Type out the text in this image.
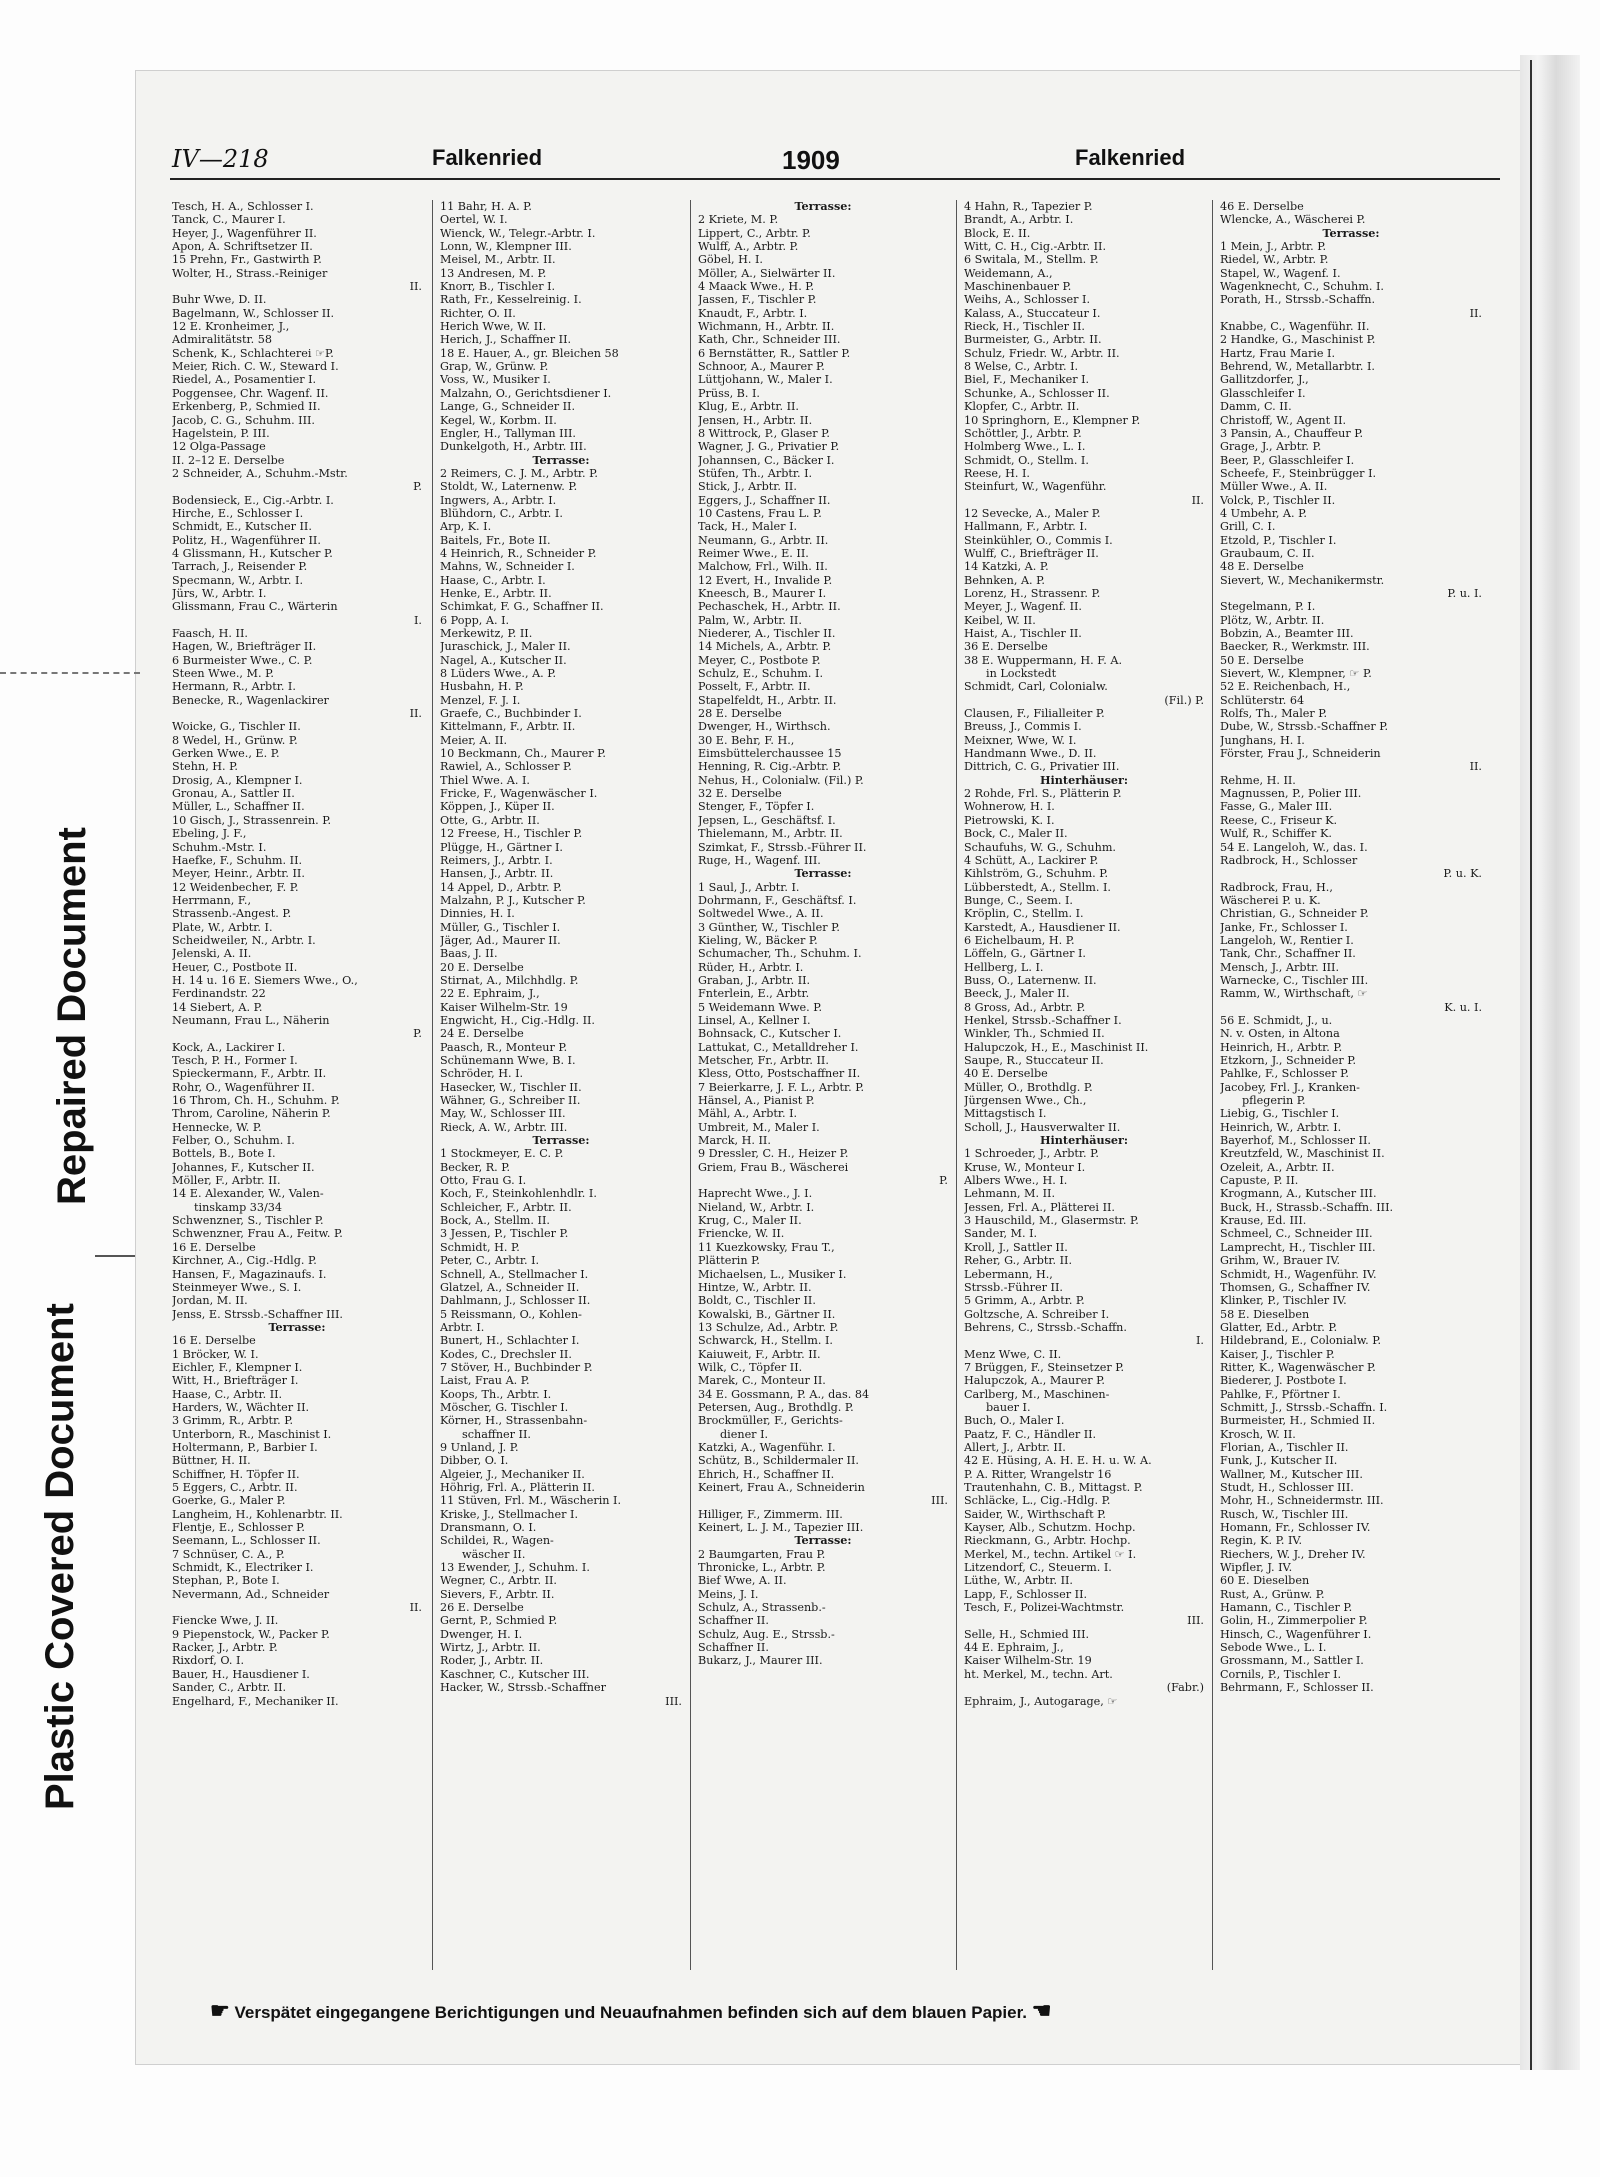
Repaired Document
Plastic Covered Document
IV—218	Falkenried	1909	Falkenried
Tesch, H. A., Schlosser I.
Tanck, C., Maurer I.
Heyer, J., Wagenführer II.
Apon, A. Schriftsetzer II.
15 Prehn, Fr., Gastwirth P.
Wolter, H., Strass.-Reiniger
II.
Buhr Wwe, D. II.
Bagelmann, W., Schlosser II.
12 E. Kronheimer, J.,
Admiralitätstr. 58
Schenk, K., Schlachterei ☞P.
Meier, Rich. C. W., Steward I.
Riedel, A., Posamentier I.
Poggensee, Chr. Wagenf. II.
Erkenberg, P., Schmied II.
Jacob, C. G., Schuhm. III.
Hagelstein, P. III.
12 Olga-Passage
II. 2–12 E. Derselbe
2 Schneider, A., Schuhm.-Mstr.
P.
Bodensieck, E., Cig.-Arbtr. I.
Hirche, E., Schlosser I.
Schmidt, E., Kutscher II.
Politz, H., Wagenführer II.
4 Glissmann, H., Kutscher P.
Tarrach, J., Reisender P.
Specmann, W., Arbtr. I.
Jürs, W., Arbtr. I.
Glissmann, Frau C., Wärterin
I.
Faasch, H. II.
Hagen, W., Briefträger II.
6 Burmeister Wwe., C. P.
Steen Wwe., M. P.
Hermann, R., Arbtr. I.
Benecke, R., Wagenlackirer
II.
Woicke, G., Tischler II.
8 Wedel, H., Grünw. P.
Gerken Wwe., E. P.
Stehn, H. P.
Drosig, A., Klempner I.
Gronau, A., Sattler II.
Müller, L., Schaffner II.
10 Gisch, J., Strassenrein. P.
Ebeling, J. F.,
Schuhm.-Mstr. I.
Haefke, F., Schuhm. II.
Meyer, Heinr., Arbtr. II.
12 Weidenbecher, F. P.
Herrmann, F.,
Strassenb.-Angest. P.
Plate, W., Arbtr. I.
Scheidweiler, N., Arbtr. I.
Jelenski, A. II.
Heuer, C., Postbote II.
H. 14 u. 16 E. Siemers Wwe., O.,
Ferdinandstr. 22
14 Siebert, A. P.
Neumann, Frau L., Näherin
P.
Kock, A., Lackirer I.
Tesch, P. H., Former I.
Spieckermann, F., Arbtr. II.
Rohr, O., Wagenführer II.
16 Throm, Ch. H., Schuhm. P.
Throm, Caroline, Näherin P.
Hennecke, W. P.
Felber, O., Schuhm. I.
Bottels, B., Bote I.
Johannes, F., Kutscher II.
Möller, F., Arbtr. II.
14 E. Alexander, W., Valen-
tinskamp 33/34
Schwenzner, S., Tischler P.
Schwenzner, Frau A., Feitw. P.
16 E. Derselbe
Kirchner, A., Cig.-Hdlg. P.
Hansen, F., Magazinaufs. I.
Steinmeyer Wwe., S. I.
Jordan, M. II.
Jenss, E. Strssb.-Schaffner III.
Terrasse:
16 E. Derselbe
1 Bröcker, W. I.
Eichler, F., Klempner I.
Witt, H., Briefträger I.
Haase, C., Arbtr. II.
Harders, W., Wächter II.
3 Grimm, R., Arbtr. P.
Unterborn, R., Maschinist I.
Holtermann, P., Barbier I.
Büttner, H. II.
Schiffner, H. Töpfer II.
5 Eggers, C., Arbtr. II.
Goerke, G., Maler P.
Langheim, H., Kohlenarbtr. II.
Flentje, E., Schlosser P.
Seemann, L., Schlosser II.
7 Schnüser, C. A., P.
Schmidt, K., Electriker I.
Stephan, P., Bote I.
Nevermann, Ad., Schneider
II.
Fiencke Wwe, J. II.
9 Piepenstock, W., Packer P.
Racker, J., Arbtr. P.
Rixdorf, O. I.
Bauer, H., Hausdiener I.
Sander, C., Arbtr. II.
Engelhard, F., Mechaniker II.
11 Bahr, H. A. P.
Oertel, W. I.
Wienck, W., Telegr.-Arbtr. I.
Lonn, W., Klempner III.
Meisel, M., Arbtr. II.
13 Andresen, M. P.
Knorr, B., Tischler I.
Rath, Fr., Kesselreinig. I.
Richter, O. II.
Herich Wwe, W. II.
Herich, J., Schaffner II.
18 E. Hauer, A., gr. Bleichen 58
Grap, W., Grünw. P.
Voss, W., Musiker I.
Malzahn, O., Gerichtsdiener I.
Lange, G., Schneider II.
Kegel, W., Korbm. II.
Engler, H., Tallyman III.
Dunkelgoth, H., Arbtr. III.
Terrasse:
2 Reimers, C. J. M., Arbtr. P.
Stoldt, W., Laternenw. P.
Ingwers, A., Arbtr. I.
Blühdorn, C., Arbtr. I.
Arp, K. I.
Baitels, Fr., Bote II.
4 Heinrich, R., Schneider P.
Mahns, W., Schneider I.
Haase, C., Arbtr. I.
Henke, E., Arbtr. II.
Schimkat, F. G., Schaffner II.
6 Popp, A. I.
Merkewitz, P. II.
Juraschick, J., Maler II.
Nagel, A., Kutscher II.
8 Lüders Wwe., A. P.
Husbahn, H. P.
Menzel, F. J. I.
Graefe, C., Buchbinder I.
Kittelmann, F., Arbtr. II.
Meier, A. II.
10 Beckmann, Ch., Maurer P.
Rawiel, A., Schlosser P.
Thiel Wwe. A. I.
Fricke, F., Wagenwäscher I.
Köppen, J., Küper II.
Otte, G., Arbtr. II.
12 Freese, H., Tischler P.
Plügge, H., Gärtner I.
Reimers, J., Arbtr. I.
Hansen, J., Arbtr. II.
14 Appel, D., Arbtr. P.
Malzahn, P. J., Kutscher P.
Dinnies, H. I.
Müller, G., Tischler I.
Jäger, Ad., Maurer II.
Baas, J. II.
20 E. Derselbe
Stirnat, A., Milchhdlg. P.
22 E. Ephraim, J.,
Kaiser Wilhelm-Str. 19
Engwicht, H., Cig.-Hdlg. II.
24 E. Derselbe
Paasch, R., Monteur P.
Schünemann Wwe, B. I.
Schröder, H. I.
Hasecker, W., Tischler II.
Wähner, G., Schreiber II.
May, W., Schlosser III.
Rieck, A. W., Arbtr. III.
Terrasse:
1 Stockmeyer, E. C. P.
Becker, R. P.
Otto, Frau G. I.
Koch, F., Steinkohlenhdlr. I.
Schleicher, F., Arbtr. II.
Bock, A., Stellm. II.
3 Jessen, P., Tischler P.
Schmidt, H. P.
Peter, C., Arbtr. I.
Schnell, A., Stellmacher I.
Glatzel, A., Schneider II.
Dahlmann, J., Schlosser II.
5 Reissmann, O., Kohlen-
Arbtr. I.
Bunert, H., Schlachter I.
Kodes, C., Drechsler II.
7 Stöver, H., Buchbinder P.
Laist, Frau A. P.
Koops, Th., Arbtr. I.
Möscher, G. Tischler I.
Körner, H., Strassenbahn-
schaffner II.
9 Unland, J. P.
Dibber, O. I.
Algeier, J., Mechaniker II.
Höhrig, Frl. A., Plätterin II.
11 Stüven, Frl. M., Wäscherin I.
Kriske, J., Stellmacher I.
Dransmann, O. I.
Schildei, R., Wagen-
wäscher II.
13 Ewender, J., Schuhm. I.
Wegner, C., Arbtr. II.
Sievers, F., Arbtr. II.
26 E. Derselbe
Gernt, P., Schmied P.
Dwenger, H. I.
Wirtz, J., Arbtr. II.
Roder, J., Arbtr. II.
Kaschner, C., Kutscher III.
Hacker, W., Strssb.-Schaffner
III.
Terrasse:
2 Kriete, M. P.
Lippert, C., Arbtr. P.
Wulff, A., Arbtr. P.
Göbel, H. I.
Möller, A., Sielwärter II.
4 Maack Wwe., H. P.
Jassen, F., Tischler P.
Knaudt, F., Arbtr. I.
Wichmann, H., Arbtr. II.
Kath, Chr., Schneider III.
6 Bernstätter, R., Sattler P.
Schnoor, A., Maurer P.
Lüttjohann, W., Maler I.
Prüss, B. I.
Klug, E., Arbtr. II.
Jensen, H., Arbtr. II.
8 Wittrock, P., Glaser P.
Wagner, J. G., Privatier P.
Johannsen, C., Bäcker I.
Stüfen, Th., Arbtr. I.
Stick, J., Arbtr. II.
Eggers, J., Schaffner II.
10 Castens, Frau L. P.
Tack, H., Maler I.
Neumann, G., Arbtr. II.
Reimer Wwe., E. II.
Malchow, Frl., Wilh. II.
12 Evert, H., Invalide P.
Kneesch, B., Maurer I.
Pechaschek, H., Arbtr. II.
Palm, W., Arbtr. II.
Niederer, A., Tischler II.
14 Michels, A., Arbtr. P.
Meyer, C., Postbote P.
Schulz, E., Schuhm. I.
Posselt, F., Arbtr. II.
Stapelfeldt, H., Arbtr. II.
28 E. Derselbe
Dwenger, H., Wirthsch.
30 E. Behr, F. H.,
Eimsbüttelerchaussee 15
Henning, R. Cig.-Arbtr. P.
Nehus, H., Colonialw. (Fil.) P.
32 E. Derselbe
Stenger, F., Töpfer I.
Jepsen, L., Geschäftsf. I.
Thielemann, M., Arbtr. II.
Szimkat, F., Strssb.-Führer II.
Ruge, H., Wagenf. III.
Terrasse:
1 Saul, J., Arbtr. I.
Dohrmann, F., Geschäftsf. I.
Soltwedel Wwe., A. II.
3 Günther, W., Tischler P.
Kieling, W., Bäcker P.
Schumacher, Th., Schuhm. I.
Rüder, H., Arbtr. I.
Graban, J., Arbtr. II.
Fnterlein, E., Arbtr.
5 Weidemann Wwe. P.
Linsel, A., Kellner I.
Bohnsack, C., Kutscher I.
Lattukat, C., Metalldreher I.
Metscher, Fr., Arbtr. II.
Kless, Otto, Postschaffner II.
7 Beierkarre, J. F. L., Arbtr. P.
Hänsel, A., Pianist P.
Mähl, A., Arbtr. I.
Umbreit, M., Maler I.
Marck, H. II.
9 Dressler, C. H., Heizer P.
Griem, Frau B., Wäscherei
P.
Haprecht Wwe., J. I.
Nieland, W., Arbtr. I.
Krug, C., Maler II.
Friencke, W. II.
11 Kuezkowsky, Frau T.,
Plätterin P.
Michaelsen, L., Musiker I.
Hintze, W., Arbtr. II.
Boldt, C., Tischler II.
Kowalski, B., Gärtner II.
13 Schulze, Ad., Arbtr. P.
Schwarck, H., Stellm. I.
Kaiuweit, F., Arbtr. II.
Wilk, C., Töpfer II.
Marek, C., Monteur II.
34 E. Gossmann, P. A., das. 84
Petersen, Aug., Brothdlg. P.
Brockmüller, F., Gerichts-
diener I.
Katzki, A., Wagenführ. I.
Schütz, B., Schildermaler II.
Ehrich, H., Schaffner II.
Keinert, Frau A., Schneiderin
III.
Hilliger, F., Zimmerm. III.
Keinert, L. J. M., Tapezier III.
Terrasse:
2 Baumgarten, Frau P.
Thronicke, L., Arbtr. P.
Bief Wwe, A. II.
Meins, J. I.
Schulz, A., Strassenb.-
Schaffner II.
Schulz, Aug. E., Strssb.-
Schaffner II.
Bukarz, J., Maurer III.
4 Hahn, R., Tapezier P.
Brandt, A., Arbtr. I.
Block, E. II.
Witt, C. H., Cig.-Arbtr. II.
6 Switala, M., Stellm. P.
Weidemann, A.,
Maschinenbauer P.
Weihs, A., Schlosser I.
Kalass, A., Stuccateur I.
Rieck, H., Tischler II.
Burmeister, G., Arbtr. II.
Schulz, Friedr. W., Arbtr. II.
8 Welse, C., Arbtr. I.
Biel, F., Mechaniker I.
Schunke, A., Schlosser II.
Klopfer, C., Arbtr. II.
10 Springhorn, E., Klempner P.
Schöttler, J., Arbtr. P.
Holmberg Wwe., L. I.
Schmidt, O., Stellm. I.
Reese, H. I.
Steinfurt, W., Wagenführ.
II.
12 Sevecke, A., Maler P.
Hallmann, F., Arbtr. I.
Steinkühler, O., Commis I.
Wulff, C., Briefträger II.
14 Katzki, A. P.
Behnken, A. P.
Lorenz, H., Strassenr. P.
Meyer, J., Wagenf. II.
Keibel, W. II.
Haist, A., Tischler II.
36 E. Derselbe
38 E. Wuppermann, H. F. A.
in Lockstedt
Schmidt, Carl, Colonialw.
(Fil.) P.
Clausen, F., Filialleiter P.
Breuss, J., Commis I.
Meixner, Wwe, W. I.
Handmann Wwe., D. II.
Dittrich, C. G., Privatier III.
Hinterhäuser:
2 Rohde, Frl. S., Plätterin P.
Wohnerow, H. I.
Pietrowski, K. I.
Bock, C., Maler II.
Schaufuhs, W. G., Schuhm.
4 Schütt, A., Lackirer P.
Kihlström, G., Schuhm. P.
Lübberstedt, A., Stellm. I.
Bunge, C., Seem. I.
Kröplin, C., Stellm. I.
Karstedt, A., Hausdiener II.
6 Eichelbaum, H. P.
Löffeln, G., Gärtner I.
Hellberg, L. I.
Buss, O., Laternenw. II.
Beeck, J., Maler II.
8 Gross, Ad., Arbtr. P.
Henkel, Strssb.-Schaffner I.
Winkler, Th., Schmied II.
Halupczok, H., E., Maschinist II.
Saupe, R., Stuccateur II.
40 E. Derselbe
Müller, O., Brothdlg. P.
Jürgensen Wwe., Ch.,
Mittagstisch I.
Scholl, J., Hausverwalter II.
Hinterhäuser:
1 Schroeder, J., Arbtr. P.
Kruse, W., Monteur I.
Albers Wwe., H. I.
Lehmann, M. II.
Jessen, Frl. A., Plätterei II.
3 Hauschild, M., Glasermstr. P.
Sander, M. I.
Kroll, J., Sattler II.
Reher, G., Arbtr. II.
Lebermann, H.,
Strssb.-Führer II.
5 Grimm, A., Arbtr. P.
Goltzsche, A. Schreiber I.
Behrens, C., Strssb.-Schaffn.
I.
Menz Wwe, C. II.
7 Brüggen, F., Steinsetzer P.
Halupczok, A., Maurer P.
Carlberg, M., Maschinen-
bauer I.
Buch, O., Maler I.
Paatz, F. C., Händler II.
Allert, J., Arbtr. II.
42 E. Hüsing, A. H. E. H. u. W. A.
P. A. Ritter, Wrangelstr 16
Trautenhahn, C. B., Mittagst. P.
Schläcke, L., Cig.-Hdlg. P.
Saider, W., Wirthschaft P.
Kayser, Alb., Schutzm. Hochp.
Rieckmann, G., Arbtr. Hochp.
Merkel, M., techn. Artikel ☞ I.
Litzendorf, C., Steuerm. I.
Lüthe, W., Arbtr. II.
Lapp, F., Schlosser II.
Tesch, F., Polizei-Wachtmstr.
III.
Selle, H., Schmied III.
44 E. Ephraim, J.,
Kaiser Wilhelm-Str. 19
ht. Merkel, M., techn. Art.
(Fabr.)
Ephraim, J., Autogarage, ☞
46 E. Derselbe
Wlencke, A., Wäscherei P.
Terrasse:
1 Mein, J., Arbtr. P.
Riedel, W., Arbtr. P.
Stapel, W., Wagenf. I.
Wagenknecht, C., Schuhm. I.
Porath, H., Strssb.-Schaffn.
II.
Knabbe, C., Wagenführ. II.
2 Handke, G., Maschinist P.
Hartz, Frau Marie I.
Behrend, W., Metallarbtr. I.
Gallitzdorfer, J.,
Glasschleifer I.
Damm, C. II.
Christoff, W., Agent II.
3 Pansin, A., Chauffeur P.
Grage, J., Arbtr. P.
Beer, P., Glasschleifer I.
Scheefe, F., Steinbrügger I.
Müller Wwe., A. II.
Volck, P., Tischler II.
4 Umbehr, A. P.
Grill, C. I.
Etzold, P., Tischler I.
Graubaum, C. II.
48 E. Derselbe
Sievert, W., Mechanikermstr.
P. u. I.
Stegelmann, P. I.
Plötz, W., Arbtr. II.
Bobzin, A., Beamter III.
Baecker, R., Werkmstr. III.
50 E. Derselbe
Sievert, W., Klempner, ☞ P.
52 E. Reichenbach, H.,
Schlüterstr. 64
Rolfs, Th., Maler P.
Dube, W., Strssb.-Schaffner P.
Junghans, H. I.
Förster, Frau J., Schneiderin
II.
Rehme, H. II.
Magnussen, P., Polier III.
Fasse, G., Maler III.
Reese, C., Friseur K.
Wulf, R., Schiffer K.
54 E. Langeloh, W., das. I.
Radbrock, H., Schlosser
P. u. K.
Radbrock, Frau, H.,
Wäscherei P. u. K.
Christian, G., Schneider P.
Janke, Fr., Schlosser I.
Langeloh, W., Rentier I.
Tank, Chr., Schaffner II.
Mensch, J., Arbtr. III.
Warnecke, C., Tischler III.
Ramm, W., Wirthschaft, ☞
K. u. I.
56 E. Schmidt, J., u.
N. v. Osten, in Altona
Heinrich, H., Arbtr. P.
Etzkorn, J., Schneider P.
Pahlke, F., Schlosser P.
Jacobey, Frl. J., Kranken-
pflegerin P.
Liebig, G., Tischler I.
Heinrich, W., Arbtr. I.
Bayerhof, M., Schlosser II.
Kreutzfeld, W., Maschinist II.
Ozeleit, A., Arbtr. II.
Capuste, P. II.
Krogmann, A., Kutscher III.
Buck, H., Strassb.-Schaffn. III.
Krause, Ed. III.
Schmeel, C., Schneider III.
Lamprecht, H., Tischler III.
Grihm, W., Brauer IV.
Schmidt, H., Wagenführ. IV.
Thomsen, G., Schaffner IV.
Klinker, P., Tischler IV.
58 E. Dieselben
Glatter, Ed., Arbtr. P.
Hildebrand, E., Colonialw. P.
Kaiser, J., Tischler P.
Ritter, K., Wagenwäscher P.
Biederer, J. Postbote I.
Pahlke, F., Pförtner I.
Schmitt, J., Strssb.-Schaffn. I.
Burmeister, H., Schmied II.
Krosch, W. II.
Florian, A., Tischler II.
Funk, J., Kutscher II.
Wallner, M., Kutscher III.
Studt, H., Schlosser III.
Mohr, H., Schneidermstr. III.
Rusch, W., Tischler III.
Homann, Fr., Schlosser IV.
Regin, K. P. IV.
Riechers, W. J., Dreher IV.
Wipfler, J. IV.
60 E. Dieselben
Rust, A., Grünw. P.
Hamann, C., Tischler P.
Golin, H., Zimmerpolier P.
Hinsch, C., Wagenführer I.
Sebode Wwe., L. I.
Grossmann, M., Sattler I.
Cornils, P., Tischler I.
Behrmann, F., Schlosser II.
☛ Verspätet eingegangene Berichtigungen und Neuaufnahmen befinden sich auf dem blauen Papier. ☚
